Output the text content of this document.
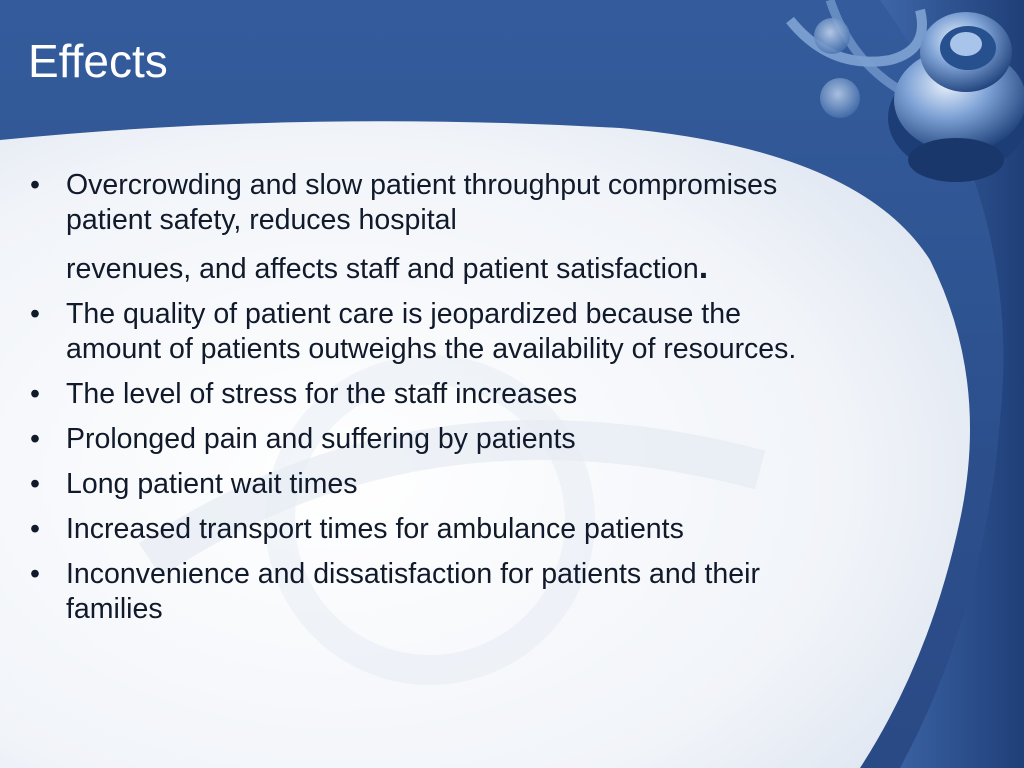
Effects
• Overcrowding and slow patient throughput compromises patient safety, reduces hospital
revenues, and affects staff and patient satisfaction.
• The quality of patient care is jeopardized because the amount of patients outweighs the availability of resources.
• The level of stress for the staff increases
• Prolonged pain and suffering by patients
• Long patient wait times
• Increased transport times for ambulance patients
• Inconvenience and dissatisfaction for patients and their families
